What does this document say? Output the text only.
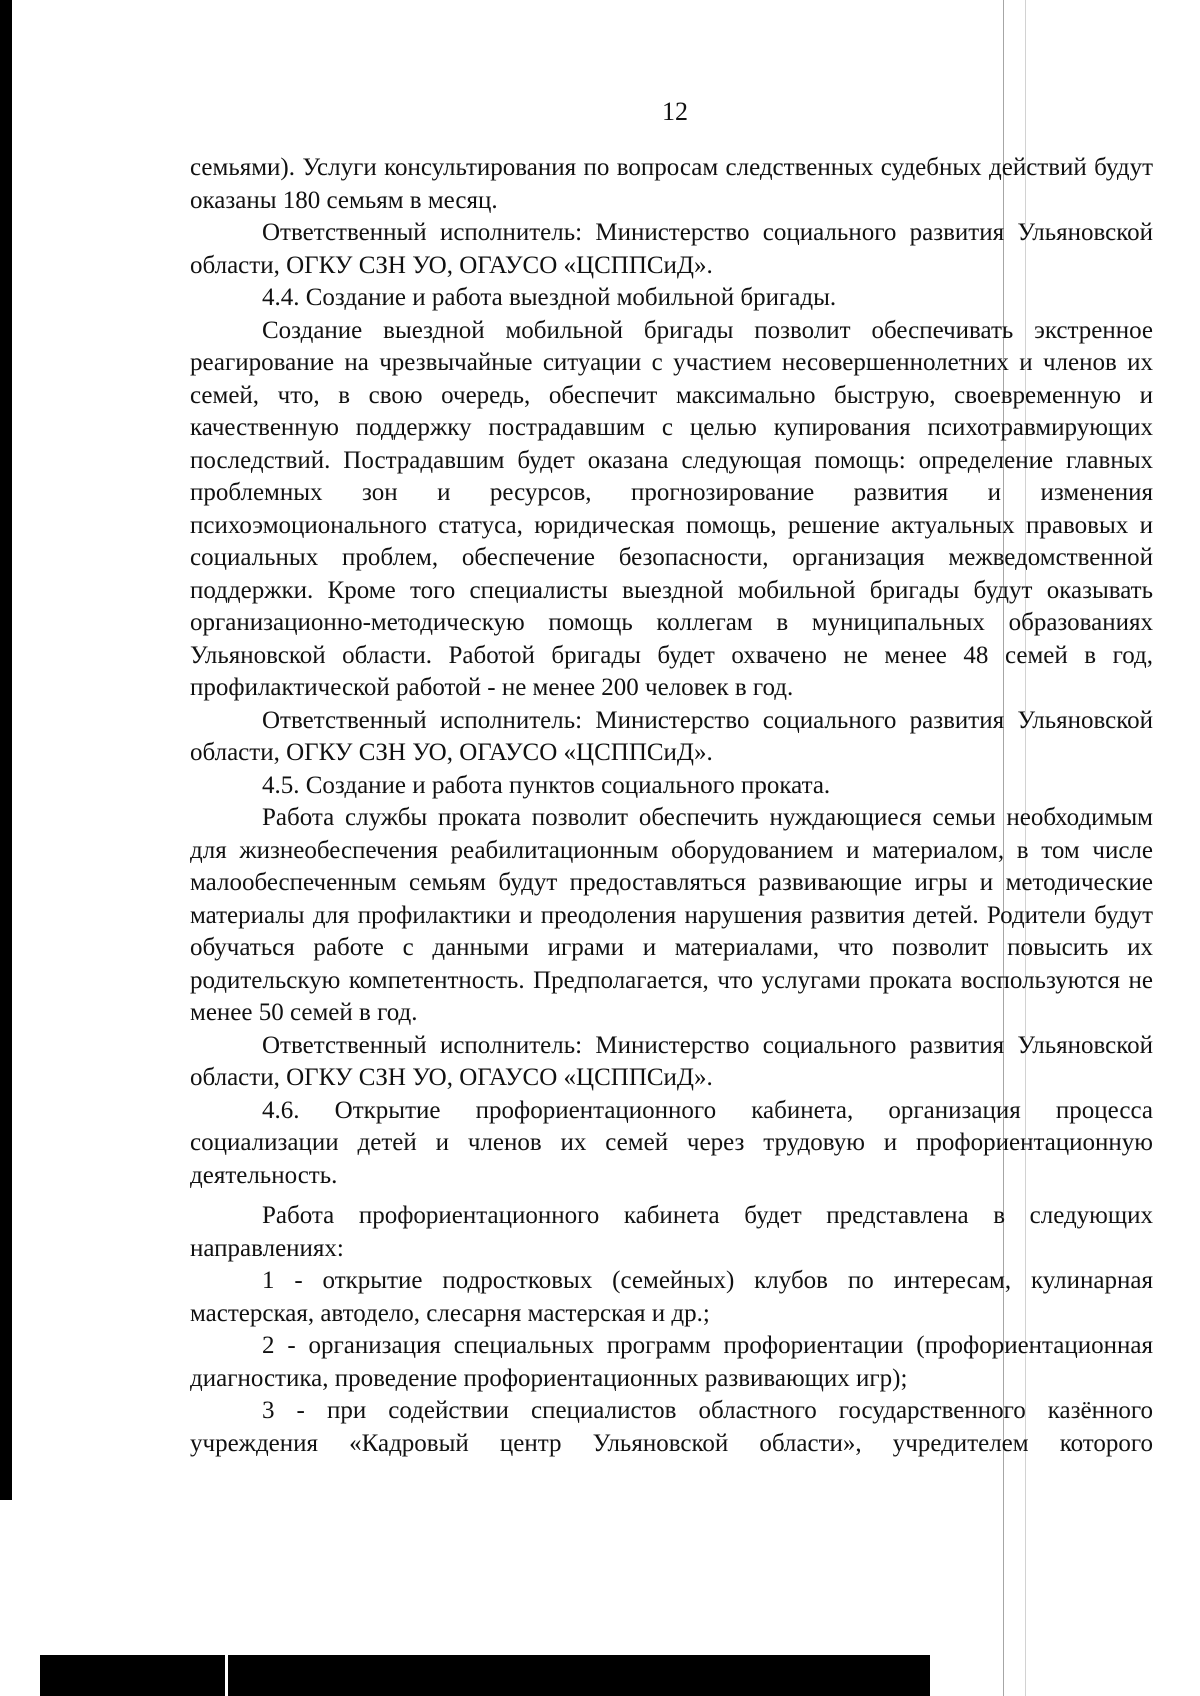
12

семьями). Услуги консультирования по вопросам следственных судебных действий будут оказаны 180 семьям в месяц.

Ответственный исполнитель: Министерство социального развития Ульяновской области, ОГКУ СЗН УО, ОГАУСО «ЦСППСиД».

4.4. Создание и работа выездной мобильной бригады.

Создание выездной мобильной бригады позволит обеспечивать экстренное реагирование на чрезвычайные ситуации с участием несовершеннолетних и членов их семей, что, в свою очередь, обеспечит максимально быструю, своевременную и качественную поддержку пострадавшим с целью купирования психотравмирующих последствий. Пострадавшим будет оказана следующая помощь: определение главных проблемных зон и ресурсов, прогнозирование развития и изменения психоэмоционального статуса, юридическая помощь, решение актуальных правовых и социальных проблем, обеспечение безопасности, организация межведомственной поддержки. Кроме того специалисты выездной мобильной бригады будут оказывать организационно-методическую помощь коллегам в муниципальных образованиях Ульяновской области. Работой бригады будет охвачено не менее 48 семей в год, профилактической работой - не менее 200 человек в год.

Ответственный исполнитель: Министерство социального развития Ульяновской области, ОГКУ СЗН УО, ОГАУСО «ЦСППСиД».

4.5. Создание и работа пунктов социального проката.

Работа службы проката позволит обеспечить нуждающиеся семьи необходимым для жизнеобеспечения реабилитационным оборудованием и материалом, в том числе малообеспеченным семьям будут предоставляться развивающие игры и методические материалы для профилактики и преодоления нарушения развития детей. Родители будут обучаться работе с данными играми и материалами, что позволит повысить их родительскую компетентность. Предполагается, что услугами проката воспользуются не менее 50 семей в год.

Ответственный исполнитель: Министерство социального развития Ульяновской области, ОГКУ СЗН УО, ОГАУСО «ЦСППСиД».

4.6. Открытие профориентационного кабинета, организация процесса социализации детей и членов их семей через трудовую и профориентационную деятельность.

Работа профориентационного кабинета будет представлена в следующих направлениях:

1 - открытие подростковых (семейных) клубов по интересам, кулинарная мастерская, автодело, слесарня мастерская и др.;

2 - организация специальных программ профориентации (профориентационная диагностика, проведение профориентационных развивающих игр);

3 - при содействии специалистов областного государственного казённого учреждения «Кадровый центр Ульяновской области», учредителем которого
